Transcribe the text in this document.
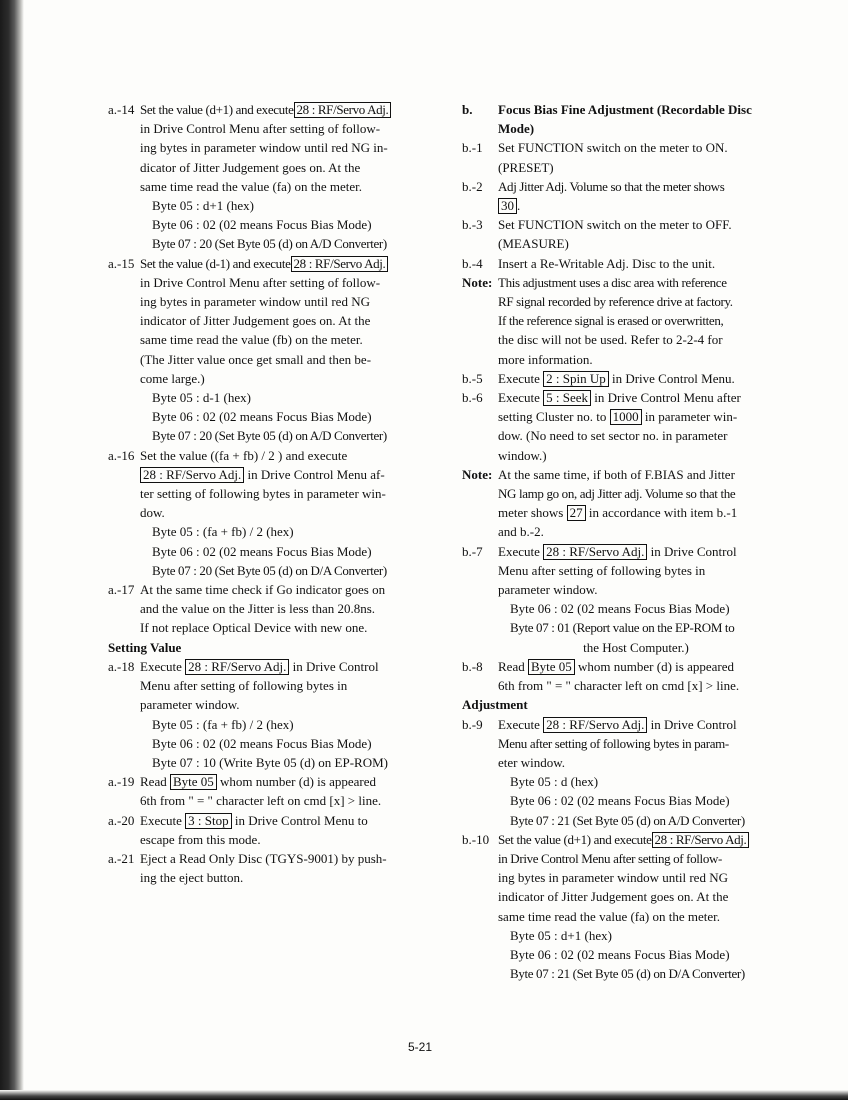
a.-14 Set the value (d+1) and execute 28 : RF/Servo Adj.
in Drive Control Menu after setting of follow-
ing bytes in parameter window until red NG in-
dicator of Jitter Judgement goes on. At the
same time read the value (fa) on the meter.
Byte 05 : d+1 (hex)
Byte 06 : 02 (02 means Focus Bias Mode)
Byte 07 : 20 (Set Byte 05 (d) on A/D Converter)
a.-15 Set the value (d-1) and execute 28 : RF/Servo Adj.
in Drive Control Menu after setting of follow-
ing bytes in parameter window until red NG
indicator of Jitter Judgement goes on. At the
same time read the value (fb) on the meter.
(The Jitter value once get small and then be-
come large.)
Byte 05 : d-1 (hex)
Byte 06 : 02 (02 means Focus Bias Mode)
Byte 07 : 20 (Set Byte 05 (d) on A/D Converter)
a.-16 Set the value ((fa + fb) / 2 ) and execute
28 : RF/Servo Adj. in Drive Control Menu af-
ter setting of following bytes in parameter win-
dow.
Byte 05 : (fa + fb) / 2 (hex)
Byte 06 : 02 (02 means Focus Bias Mode)
Byte 07 : 20 (Set Byte 05 (d) on D/A Converter)
a.-17 At the same time check if Go indicator goes on
and the value on the Jitter is less than 20.8ns.
If not replace Optical Device with new one.
Setting Value
a.-18 Execute 28 : RF/Servo Adj. in Drive Control
Menu after setting of following bytes in
parameter window.
Byte 05 : (fa + fb) / 2 (hex)
Byte 06 : 02 (02 means Focus Bias Mode)
Byte 07 : 10 (Write Byte 05 (d) on EP-ROM)
a.-19 Read Byte 05 whom number (d) is appeared
6th from " = " character left on cmd [x] > line.
a.-20 Execute 3 : Stop in Drive Control Menu to
escape from this mode.
a.-21 Eject a Read Only Disc (TGYS-9001) by push-
ing the eject button.
b.	Focus Bias Fine Adjustment (Recordable Disc
Mode)
b.-1	Set FUNCTION switch on the meter to ON.
(PRESET)
b.-2	Adj Jitter Adj. Volume so that the meter shows
30 .
b.-3	Set FUNCTION switch on the meter to OFF.
(MEASURE)
b.-4	Insert a Re-Writable Adj. Disc to the unit.
Note: This adjustment uses a disc area with reference
RF signal recorded by reference drive at factory.
If the reference signal is erased or overwritten,
the disc will not be used. Refer to 2-2-4 for
more information.
b.-5	Execute 2 : Spin Up in Drive Control Menu.
b.-6	Execute 5 : Seek in Drive Control Menu after
setting Cluster no. to 1000 in parameter win-
dow. (No need to set sector no. in parameter
window.)
Note: At the same time, if both of F.BIAS and Jitter
NG lamp go on, adj Jitter adj. Volume so that the
meter shows 27 in accordance with item b.-1
and b.-2.
b.-7	Execute 28 : RF/Servo Adj. in Drive Control
Menu after setting of following bytes in
parameter window.
Byte 06 : 02 (02 means Focus Bias Mode)
Byte 07 : 01 (Report value on the EP-ROM to
the Host Computer.)
b.-8	Read Byte 05 whom number (d) is appeared
6th from " = " character left on cmd [x] > line.
Adjustment
b.-9	Execute 28 : RF/Servo Adj. in Drive Control
Menu after setting of following bytes in param-
eter window.
Byte 05 : d (hex)
Byte 06 : 02 (02 means Focus Bias Mode)
Byte 07 : 21 (Set Byte 05 (d) on A/D Converter)
b.-10 Set the value (d+1) and execute 28 : RF/Servo Adj.
in Drive Control Menu after setting of follow-
ing bytes in parameter window until red NG
indicator of Jitter Judgement goes on. At the
same time read the value (fa) on the meter.
Byte 05 : d+1 (hex)
Byte 06 : 02 (02 means Focus Bias Mode)
Byte 07 : 21 (Set Byte 05 (d) on D/A Converter)
5-21
